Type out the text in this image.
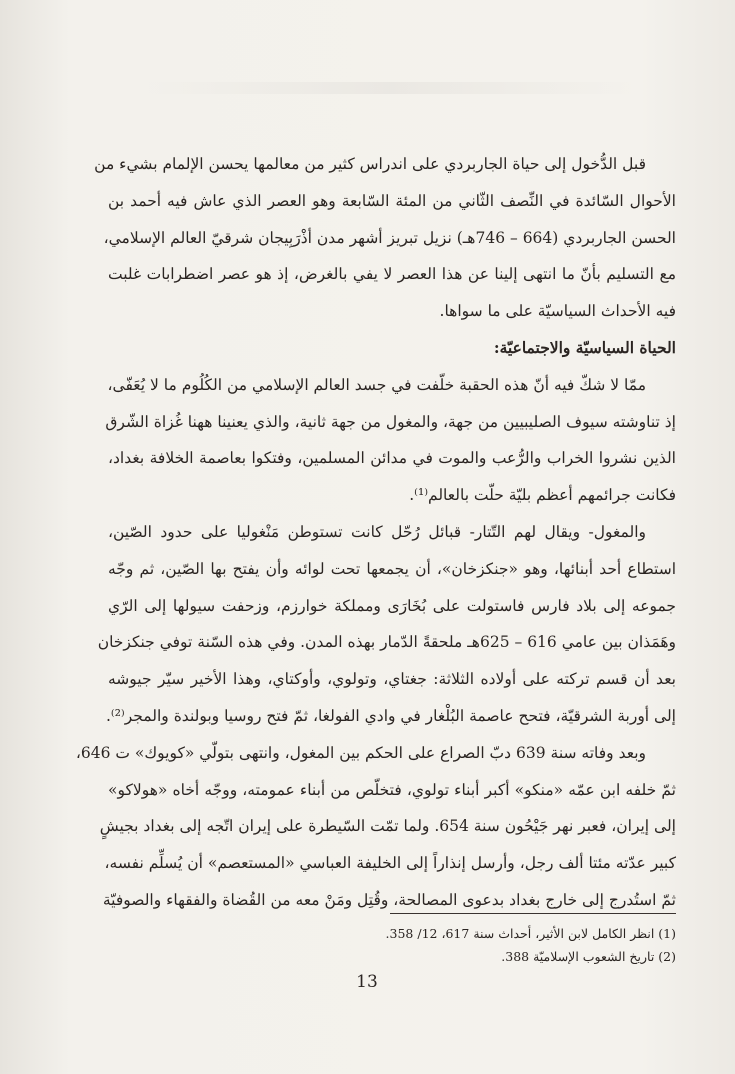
قبل الدُّخول إلى حياة الجاربردي على اندراس كثير من معالمها يحسن الإلمام بشيء من
الأحوال السّائدة في النِّصف الثّاني من المئة السّابعة وهو العصر الذي عاش فيه أحمد بن
الحسن الجاربردي (664 – 746هـ) نزيل تبريز أشهر مدن أذْرَبِيجان شرقيّ العالم الإسلامي،
مع التسليم بأنّ ما انتهى إلينا عن هذا العصر لا يفي بالغرض، إذ هو عصر اضطرابات غلبت
فيه الأحداث السياسيّة على ما سواها.
الحياة السياسيّة والاجتماعيّة:
ممّا لا شكّ فيه أنّ هذه الحقبة خلّفت في جسد العالم الإسلامي من الكُلُوم ما لا يُعَفّى،
إذ تناوشته سيوف الصليبيين من جهة، والمغول من جهة ثانية، والذي يعنينا ههنا غُزاة الشّرق
الذين نشروا الخراب والرُّعب والموت في مدائن المسلمين، وفتكوا بعاصمة الخلافة بغداد،
فكانت جرائمهم أعظم بليّة حلّت بالعالم⁽¹⁾.
والمغول- ويقال لهم التّتار- قبائل رُحّل كانت تستوطن مَنْغوليا على حدود الصّين،
استطاع أحد أبنائها، وهو «جنكزخان»، أن يجمعها تحت لوائه وأن يفتح بها الصّين، ثم وجّه
جموعه إلى بلاد فارس فاستولت على بُخَارَى ومملكة خوارزم، وزحفت سيولها إلى الرّي
وهَمَذان بين عامي 616 – 625هـ ملحقةً الدّمار بهذه المدن. وفي هذه السّنة توفي جنكزخان
بعد أن قسم تركته على أولاده الثلاثة: جغتاي، وتولوي، وأوكتاي، وهذا الأخير سيّر جيوشه
إلى أوربة الشرقيّة، فتحح عاصمة البُلْغار في وادي الفولغا، ثمّ فتح روسيا وبولندة والمجر⁽²⁾.
وبعد وفاته سنة 639 دبّ الصراع على الحكم بين المغول، وانتهى بتولّي «كويوك» ت 646،
ثمّ خلفه ابن عمّه «منكو» أكبر أبناء تولوي، فتخلّص من أبناء عمومته، ووجّه أخاه «هولاكو»
إلى إيران، فعبر نهر جَيْحُون سنة 654. ولما تمّت السّيطرة على إيران اتّجه إلى بغداد بجيشٍ
كبير عدّته مئتا ألف رجل، وأرسل إنذاراً إلى الخليفة العباسي «المستعصم» أن يُسلِّم نفسه،
ثمّ استُدرج إلى خارج بغداد بدعوى المصالحة، وقُتِل ومَنْ معه من القُضاة والفقهاء والصوفيّة
(1) انظر الكامل لابن الأثير، أحداث سنة 617، 12/ 358.
(2) تاريخ الشعوب الإسلاميّة 388.
13
